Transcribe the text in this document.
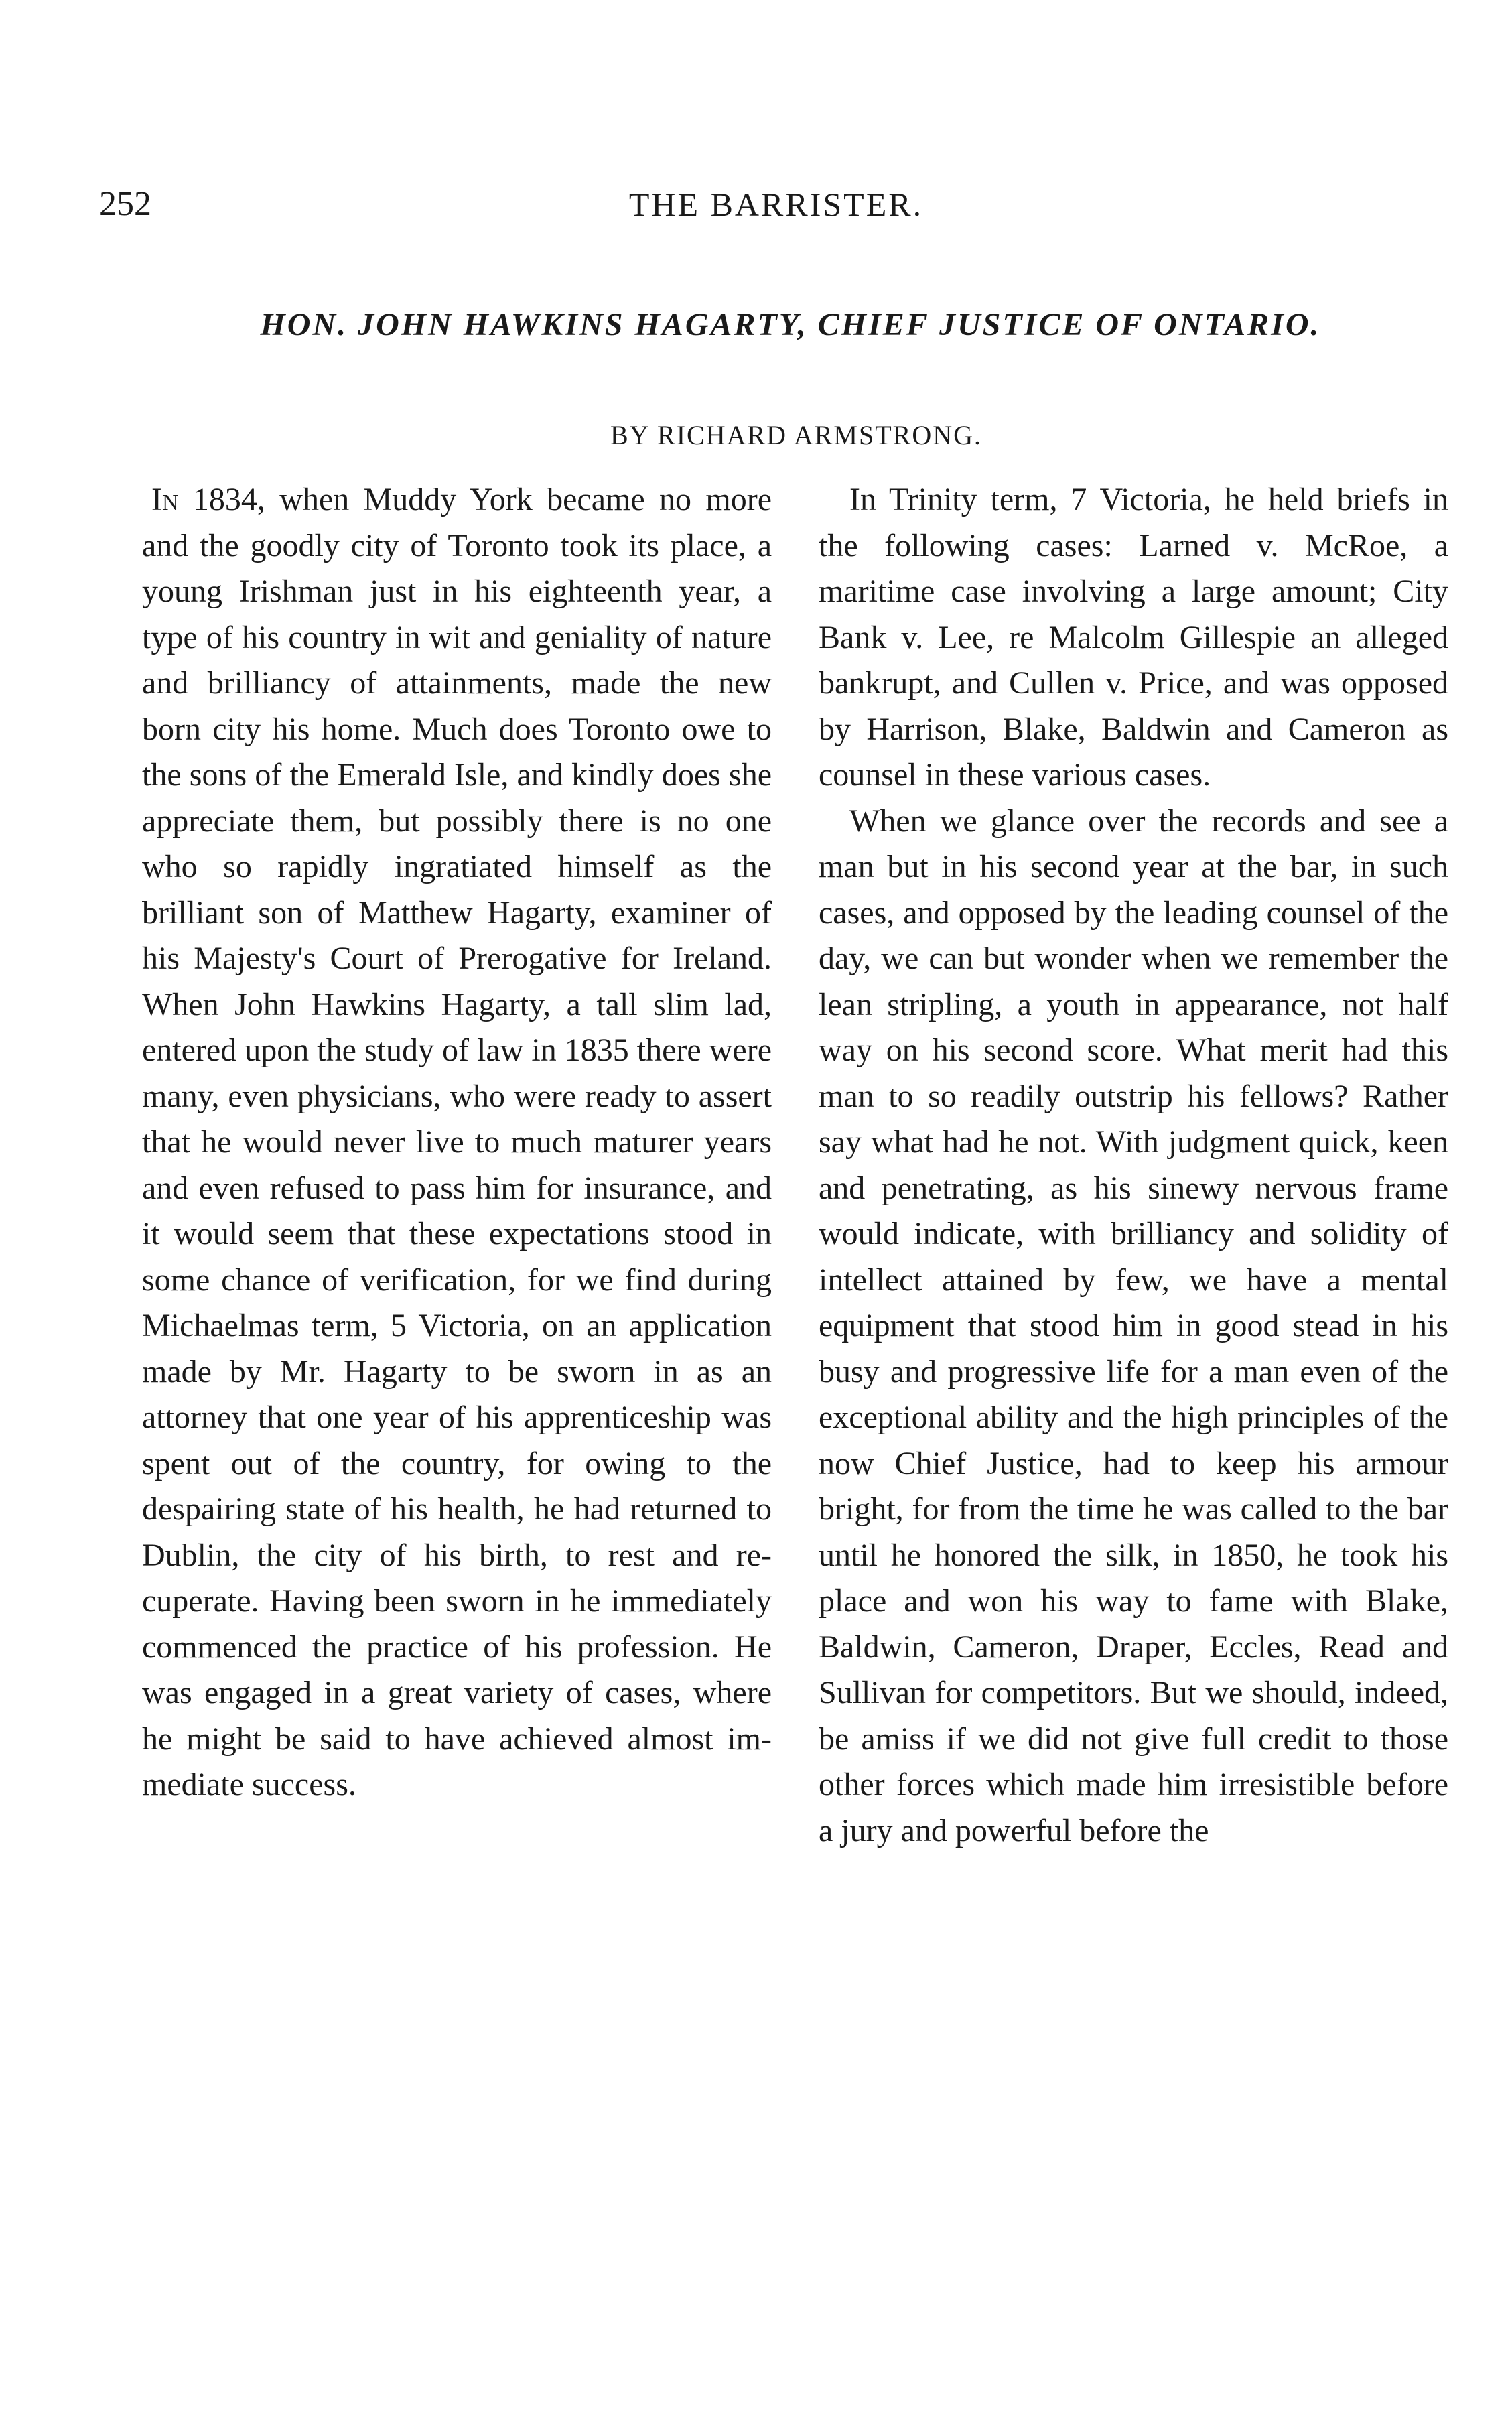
252	THE BARRISTER.
HON. JOHN HAWKINS HAGARTY, CHIEF JUSTICE OF ONTARIO.
BY RICHARD ARMSTRONG.

In 1834, when Muddy York became no more and the goodly city of Toronto took its place, a young Irishman just in his eighteenth year, a type of his country in wit and geniality of nature and brilliancy of attainments, made the new born city his home. Much does Toronto owe to the sons of the Emerald Isle, and kindly does she appreciate them, but possibly there is no one who so rapidly ingratiated himself as the brilliant son of Matthew Hagarty, examiner of his Majesty's Court of Prerogative for Ireland. When John Hawkins Hagarty, a tall slim lad, entered upon the study of law in 1835 there were many, even physicians, who were ready to assert that he would never live to much maturer years and even refused to pass him for insurance, and it would seem that these expectations stood in some chance of verification, for we find during Michaelmas term, 5 Victoria, on an application made by Mr. Hagarty to be sworn in as an attorney that one year of his apprenticeship was spent out of the country, for owing to the despairing state of his health, he had returned to Dublin, the city of his birth, to rest and recuperate. Having been sworn in he immediately commenced the practice of his profession. He was engaged in a great variety of cases, where he might be said to have achieved almost immediate success.

In Trinity term, 7 Victoria, he held briefs in the following cases: Larned v. McRoe, a maritime case involving a large amount; City Bank v. Lee, re Malcolm Gillespie an alleged bankrupt, and Cullen v. Price, and was opposed by Harrison, Blake, Baldwin and Cameron as counsel in these various cases.

When we glance over the records and see a man but in his second year at the bar, in such cases, and opposed by the leading counsel of the day, we can but wonder when we remember the lean stripling, a youth in appearance, not half way on his second score. What merit had this man to so readily outstrip his fellows? Rather say what had he not. With judgment quick, keen and penetrating, as his sinewy nervous frame would indicate, with brilliancy and solidity of intellect attained by few, we have a mental equipment that stood him in good stead in his busy and progressive life for a man even of the exceptional ability and the high principles of the now Chief Justice, had to keep his armour bright, for from the time he was called to the bar until he honored the silk, in 1850, he took his place and won his way to fame with Blake, Baldwin, Cameron, Draper, Eccles, Read and Sullivan for competitors. But we should, indeed, be amiss if we did not give full credit to those other forces which made him irresistible before a jury and powerful before the
